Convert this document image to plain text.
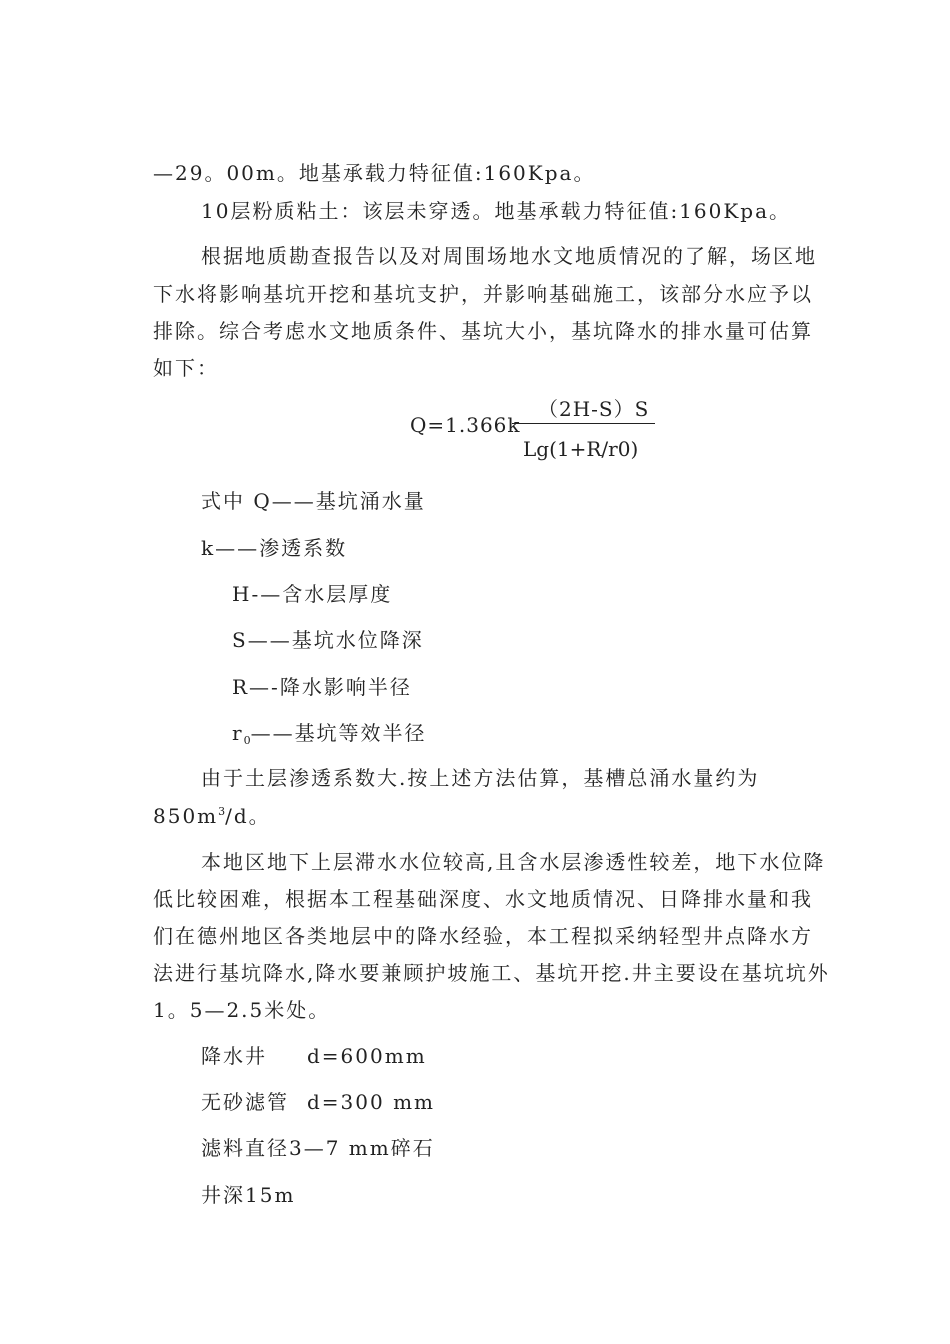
—29。00m。地基承载力特征值:160Kpa。
10层粉质粘土：该层未穿透。地基承载力特征值:160Kpa。
根据地质勘查报告以及对周围场地水文地质情况的了解，场区地
下水将影响基坑开挖和基坑支护，并影响基础施工，该部分水应予以
排除。综合考虑水文地质条件、基坑大小，基坑降水的排水量可估算
如下：
Q=1.366k
（2H-S）S
Lg(1+R/r0)
式中 Q——基坑涌水量
k——渗透系数
H-—含水层厚度
S——基坑水位降深
R—-降水影响半径
$r_0——$基坑等效半径
由于土层渗透系数大.按上述方法估算，基槽总涌水量约为
$850m^3/d$。
本地区地下上层滞水水位较高,且含水层渗透性较差，地下水位降
低比较困难，根据本工程基础深度、水文地质情况、日降排水量和我
们在德州地区各类地层中的降水经验，本工程拟采纳轻型井点降水方
法进行基坑降水,降水要兼顾护坡施工、基坑开挖.井主要设在基坑坑外
1。5—2.5米处。
降水井 d=600mm
无砂滤管 d=300 mm
滤料直径3—7 mm碎石
井深15m
